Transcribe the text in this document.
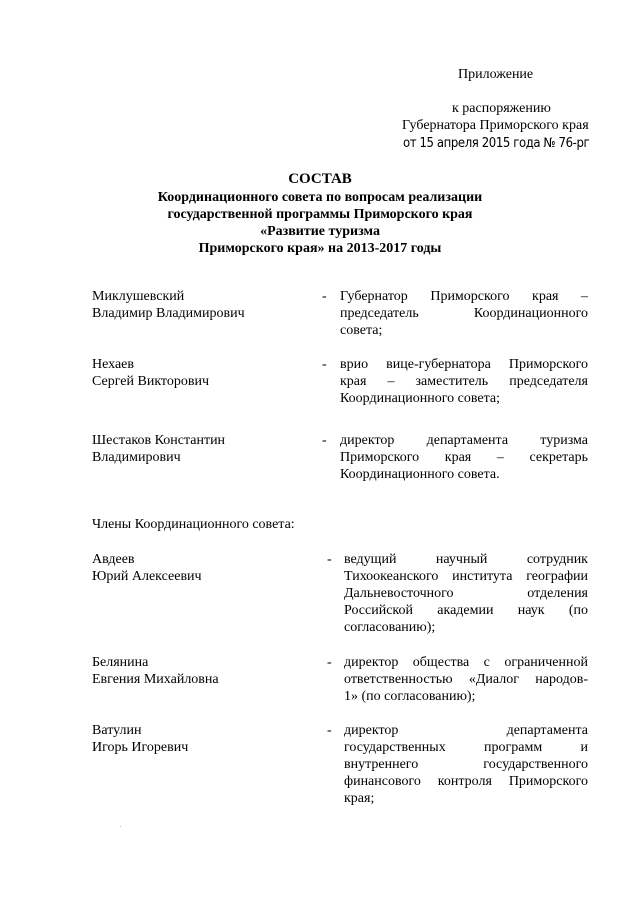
Приложение
к распоряжению
Губернатора Приморского края
от 15 апреля 2015 года № 76-рг
СОСТАВ
Координационного совета по вопросам реализации
государственной программы Приморского края
«Развитие туризма
Приморского края» на 2013-2017 годы
Миклушевский
Владимир Владимирович
- Губернатор Приморского края –
председатель Координационного
совета;
Нехаев
Сергей Викторович
- врио вице-губернатора Приморского
края – заместитель председателя
Координационного совета;
Шестаков Константин
Владимирович
- директор департамента туризма
Приморского края – секретарь
Координационного совета.
Члены Координационного совета:
Авдеев
Юрий Алексеевич
- ведущий научный сотрудник
Тихоокеанского института географии
Дальневосточного отделения
Российской академии наук (по
согласованию);
Белянина
Евгения Михайловна
- директор общества с ограниченной
ответственностью «Диалог народов-
1» (по согласованию);
Ватулин
Игорь Игоревич
- директор департамента
государственных программ и
внутреннего государственного
финансового контроля Приморского
края;
